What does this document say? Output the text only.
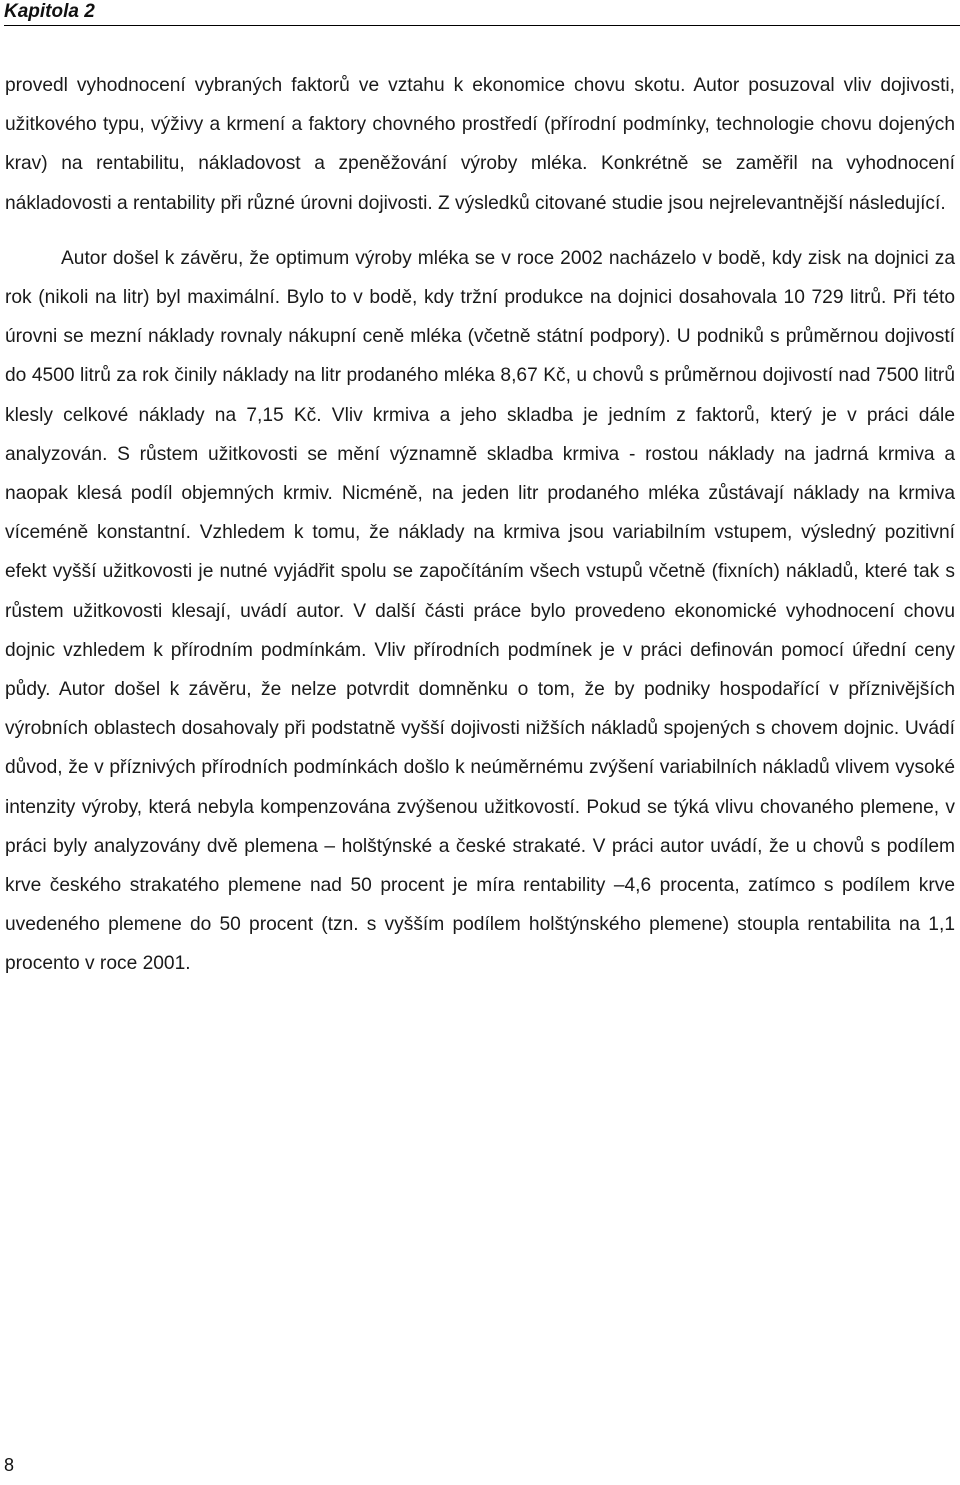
Kapitola 2

provedl vyhodnocení vybraných faktorů ve vztahu k ekonomice chovu skotu. Autor posuzoval vliv dojivosti, užitkového typu, výživy a krmení a faktory chovného prostředí (přírodní podmínky, technologie chovu dojených krav) na rentabilitu, nákladovost a zpeněžování výroby mléka. Konkrétně se zaměřil na vyhodnocení nákladovosti a rentability při různé úrovni dojivosti. Z výsledků citované studie jsou nejrelevantnější následující.

Autor došel k závěru, že optimum výroby mléka se v roce 2002 nacházelo v bodě, kdy zisk na dojnici za rok (nikoli na litr) byl maximální. Bylo to v bodě, kdy tržní produkce na dojnici dosahovala 10 729 litrů. Při této úrovni se mezní náklady rovnaly nákupní ceně mléka (včetně státní podpory). U podniků s průměrnou dojivostí do 4500 litrů za rok činily náklady na litr prodaného mléka 8,67 Kč, u chovů s průměrnou dojivostí nad 7500 litrů klesly celkové náklady na 7,15 Kč. Vliv krmiva a jeho skladba je jedním z faktorů, který je v práci dále analyzován. S růstem užitkovosti se mění významně skladba krmiva - rostou náklady na jadrná krmiva a naopak klesá podíl objemných krmiv. Nicméně, na jeden litr prodaného mléka zůstávají náklady na krmiva víceméně konstantní. Vzhledem k tomu, že náklady na krmiva jsou variabilním vstupem, výsledný pozitivní efekt vyšší užitkovosti je nutné vyjádřit spolu se započítáním všech vstupů včetně (fixních) nákladů, které tak s růstem užitkovosti klesají, uvádí autor. V další části práce bylo provedeno ekonomické vyhodnocení chovu dojnic vzhledem k přírodním podmínkám. Vliv přírodních podmínek je v práci definován pomocí úřední ceny půdy. Autor došel k závěru, že nelze potvrdit domněnku o tom, že by podniky hospodařící v příznivějších výrobních oblastech dosahovaly při podstatně vyšší dojivosti nižších nákladů spojených s chovem dojnic. Uvádí důvod, že v příznivých přírodních podmínkách došlo k neúměrnému zvýšení variabilních nákladů vlivem vysoké intenzity výroby, která nebyla kompenzována zvýšenou užitkovostí. Pokud se týká vlivu chovaného plemene, v práci byly analyzovány dvě plemena – holštýnské a české strakaté. V práci autor uvádí, že u chovů s podílem krve českého strakatého plemene nad 50 procent je míra rentability –4,6 procenta, zatímco s podílem krve uvedeného plemene do 50 procent (tzn. s vyšším podílem holštýnského plemene) stoupla rentabilita na 1,1 procento v roce 2001.

8
